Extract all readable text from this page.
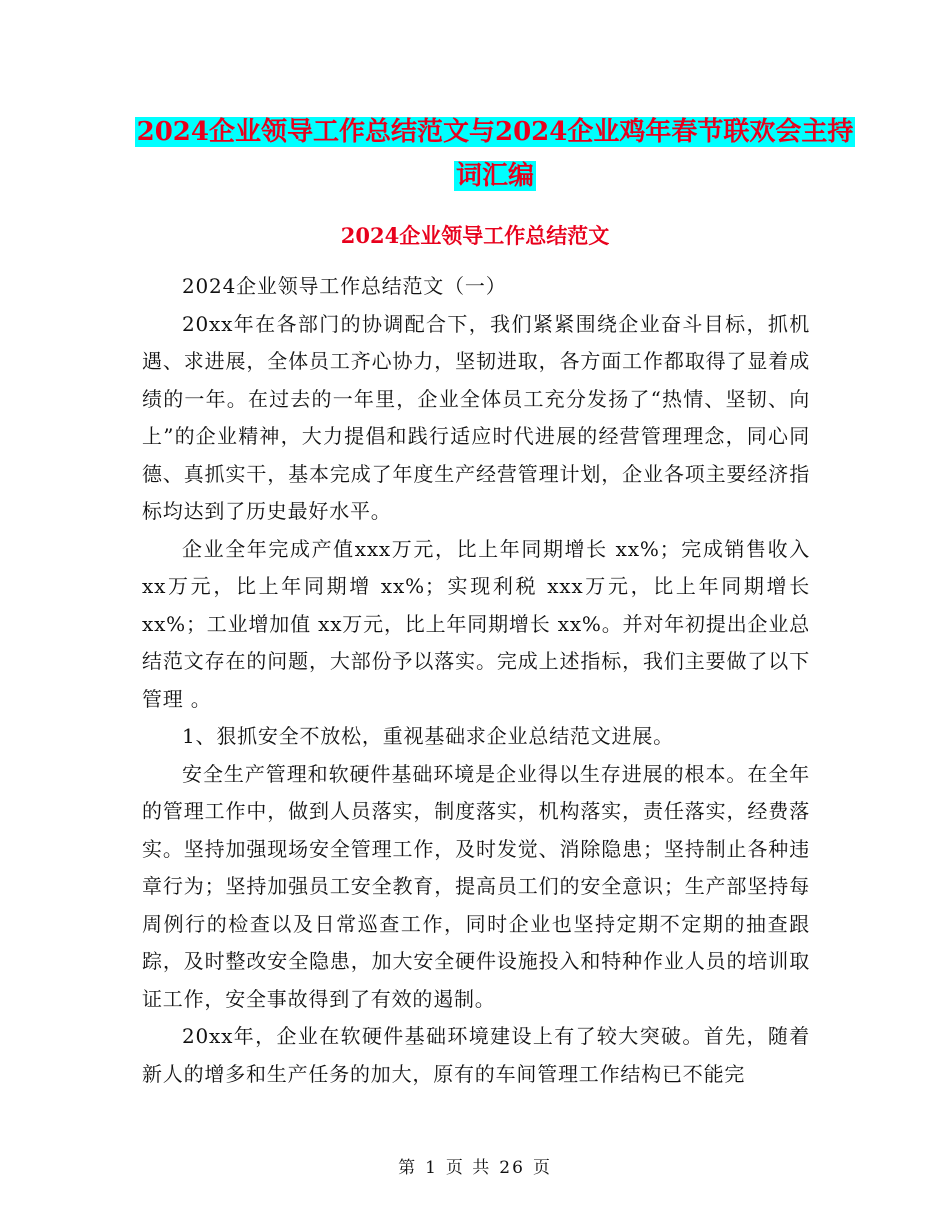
2024企业领导工作总结范文与2024企业鸡年春节联欢会主持词汇编
2024企业领导工作总结范文

2024企业领导工作总结范文（一）

20xx年在各部门的协调配合下，我们紧紧围绕企业奋斗目标，抓机遇、求进展，全体员工齐心协力，坚韧进取，各方面工作都取得了显着成绩的一年。在过去的一年里，企业全体员工充分发扬了“热情、坚韧、向上”的企业精神，大力提倡和践行适应时代进展的经营管理理念，同心同德、真抓实干，基本完成了年度生产经营管理计划，企业各项主要经济指标均达到了历史最好水平。

企业全年完成产值xxx万元，比上年同期增长 xx%；完成销售收入 xx万元，比上年同期增 xx%；实现利税 xxx万元，比上年同期增长 xx%；工业增加值 xx万元，比上年同期增长 xx%。并对年初提出企业总结范文存在的问题，大部份予以落实。完成上述指标，我们主要做了以下管理 。

1、狠抓安全不放松，重视基础求企业总结范文进展。

安全生产管理和软硬件基础环境是企业得以生存进展的根本。在全年的管理工作中，做到人员落实，制度落实，机构落实，责任落实，经费落实。坚持加强现场安全管理工作，及时发觉、消除隐患；坚持制止各种违章行为；坚持加强员工安全教育，提高员工们的安全意识；生产部坚持每周例行的检查以及日常巡查工作，同时企业也坚持定期不定期的抽查跟踪，及时整改安全隐患，加大安全硬件设施投入和特种作业人员的培训取证工作，安全事故得到了有效的遏制。

20xx年，企业在软硬件基础环境建设上有了较大突破。首先，随着新人的增多和生产任务的加大，原有的车间管理工作结构已不能完

第 1 页 共 26 页
